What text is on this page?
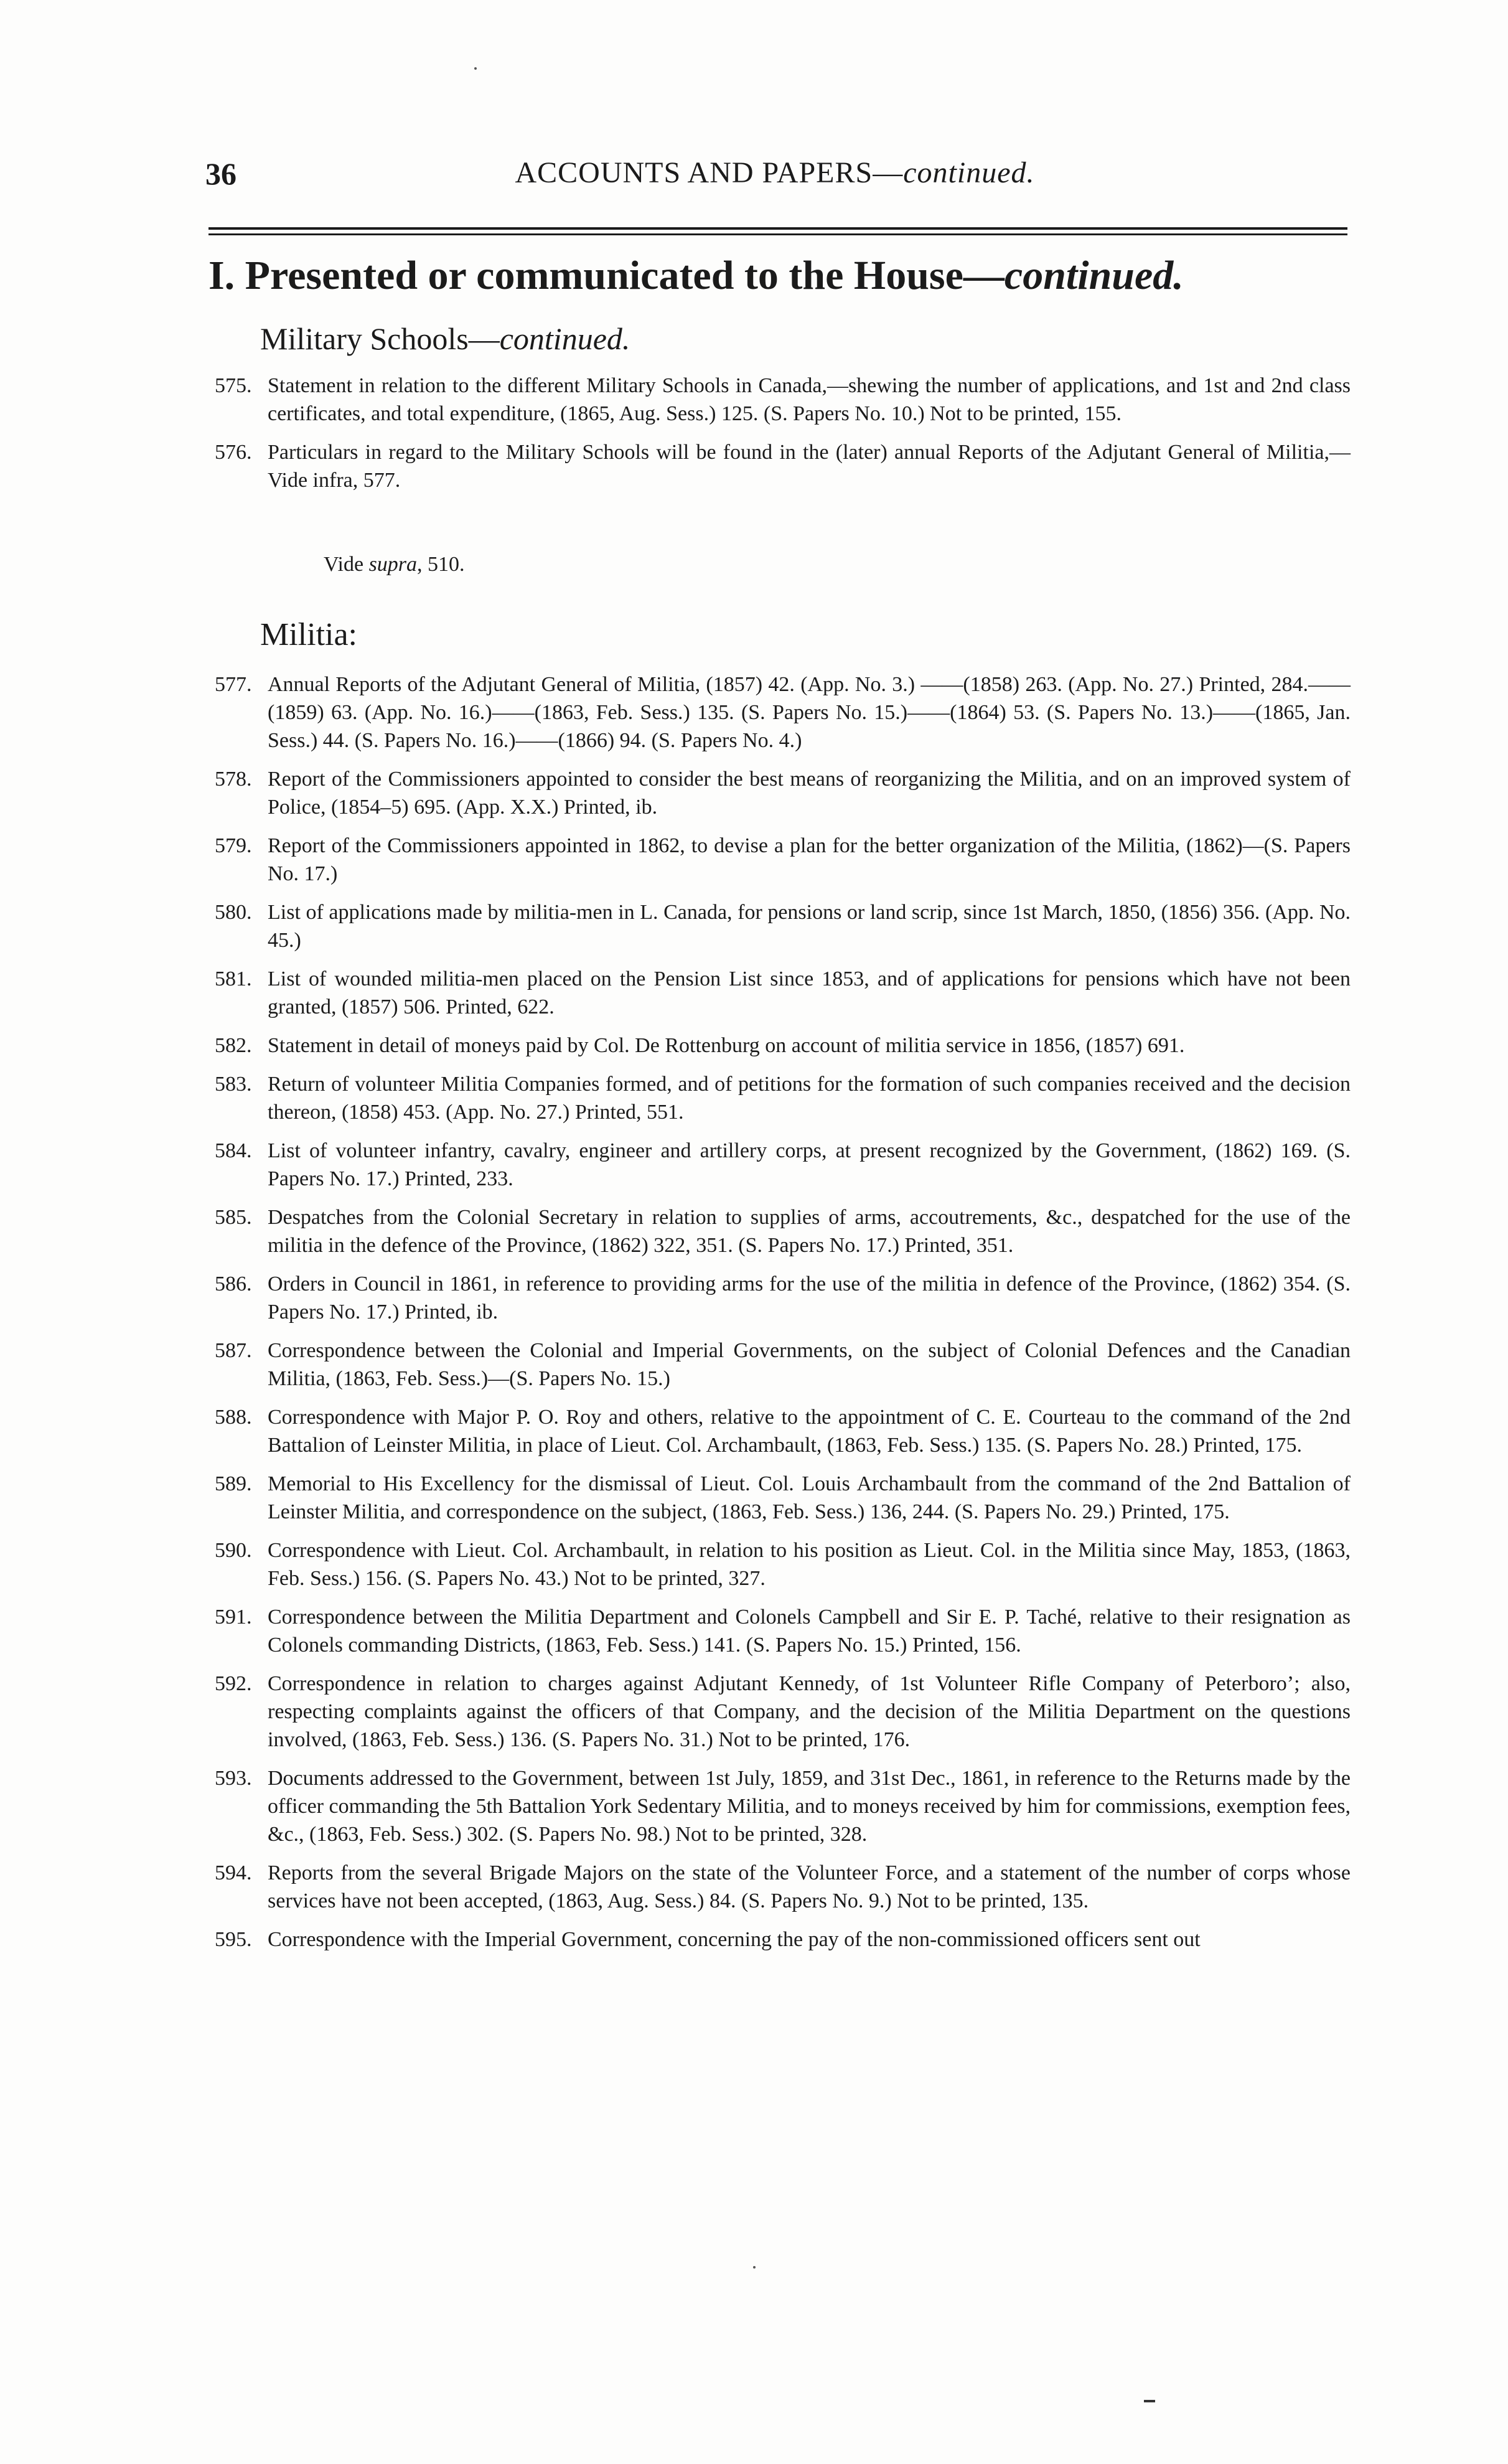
36	ACCOUNTS AND PAPERS—continued.
I. Presented or communicated to the House—continued.
Military Schools—continued.
575. Statement in relation to the different Military Schools in Canada,—shewing the number of applications, and 1st and 2nd class certificates, and total expenditure, (1865, Aug. Sess.) 125. (S. Papers No. 10.) Not to be printed, 155.
576. Particulars in regard to the Military Schools will be found in the (later) annual Reports of the Adjutant General of Militia,—Vide infra, 577.
Vide supra, 510.
Militia:
577. Annual Reports of the Adjutant General of Militia, (1857) 42. (App. No. 3.) ——(1858) 263. (App. No. 27.) Printed, 284.——(1859) 63. (App. No. 16.)——(1863, Feb. Sess.) 135. (S. Papers No. 15.)——(1864) 53. (S. Papers No. 13.)——(1865, Jan. Sess.) 44. (S. Papers No. 16.)——(1866) 94. (S. Papers No. 4.)
578. Report of the Commissioners appointed to consider the best means of reorganizing the Militia, and on an improved system of Police, (1854–5) 695. (App. X.X.) Printed, ib.
579. Report of the Commissioners appointed in 1862, to devise a plan for the better organization of the Militia, (1862)—(S. Papers No. 17.)
580. List of applications made by militia-men in L. Canada, for pensions or land scrip, since 1st March, 1850, (1856) 356. (App. No. 45.)
581. List of wounded militia-men placed on the Pension List since 1853, and of applications for pensions which have not been granted, (1857) 506. Printed, 622.
582. Statement in detail of moneys paid by Col. De Rottenburg on account of militia service in 1856, (1857) 691.
583. Return of volunteer Militia Companies formed, and of petitions for the formation of such companies received and the decision thereon, (1858) 453. (App. No. 27.) Printed, 551.
584. List of volunteer infantry, cavalry, engineer and artillery corps, at present recognized by the Government, (1862) 169. (S. Papers No. 17.) Printed, 233.
585. Despatches from the Colonial Secretary in relation to supplies of arms, accoutrements, &c., despatched for the use of the militia in the defence of the Province, (1862) 322, 351. (S. Papers No. 17.) Printed, 351.
586. Orders in Council in 1861, in reference to providing arms for the use of the militia in defence of the Province, (1862) 354. (S. Papers No. 17.) Printed, ib.
587. Correspondence between the Colonial and Imperial Governments, on the subject of Colonial Defences and the Canadian Militia, (1863, Feb. Sess.)—(S. Papers No. 15.)
588. Correspondence with Major P. O. Roy and others, relative to the appointment of C. E. Courteau to the command of the 2nd Battalion of Leinster Militia, in place of Lieut. Col. Archambault, (1863, Feb. Sess.) 135. (S. Papers No. 28.) Printed, 175.
589. Memorial to His Excellency for the dismissal of Lieut. Col. Louis Archambault from the command of the 2nd Battalion of Leinster Militia, and correspondence on the subject, (1863, Feb. Sess.) 136, 244. (S. Papers No. 29.) Printed, 175.
590. Correspondence with Lieut. Col. Archambault, in relation to his position as Lieut. Col. in the Militia since May, 1853, (1863, Feb. Sess.) 156. (S. Papers No. 43.) Not to be printed, 327.
591. Correspondence between the Militia Department and Colonels Campbell and Sir E. P. Taché, relative to their resignation as Colonels commanding Districts, (1863, Feb. Sess.) 141. (S. Papers No. 15.) Printed, 156.
592. Correspondence in relation to charges against Adjutant Kennedy, of 1st Volunteer Rifle Company of Peterboro’; also, respecting complaints against the officers of that Company, and the decision of the Militia Department on the questions involved, (1863, Feb. Sess.) 136. (S. Papers No. 31.) Not to be printed, 176.
593. Documents addressed to the Government, between 1st July, 1859, and 31st Dec., 1861, in reference to the Returns made by the officer commanding the 5th Battalion York Sedentary Militia, and to moneys received by him for commissions, exemption fees, &c., (1863, Feb. Sess.) 302. (S. Papers No. 98.) Not to be printed, 328.
594. Reports from the several Brigade Majors on the state of the Volunteer Force, and a statement of the number of corps whose services have not been accepted, (1863, Aug. Sess.) 84. (S. Papers No. 9.) Not to be printed, 135.
595. Correspondence with the Imperial Government, concerning the pay of the non-commissioned officers sent out
